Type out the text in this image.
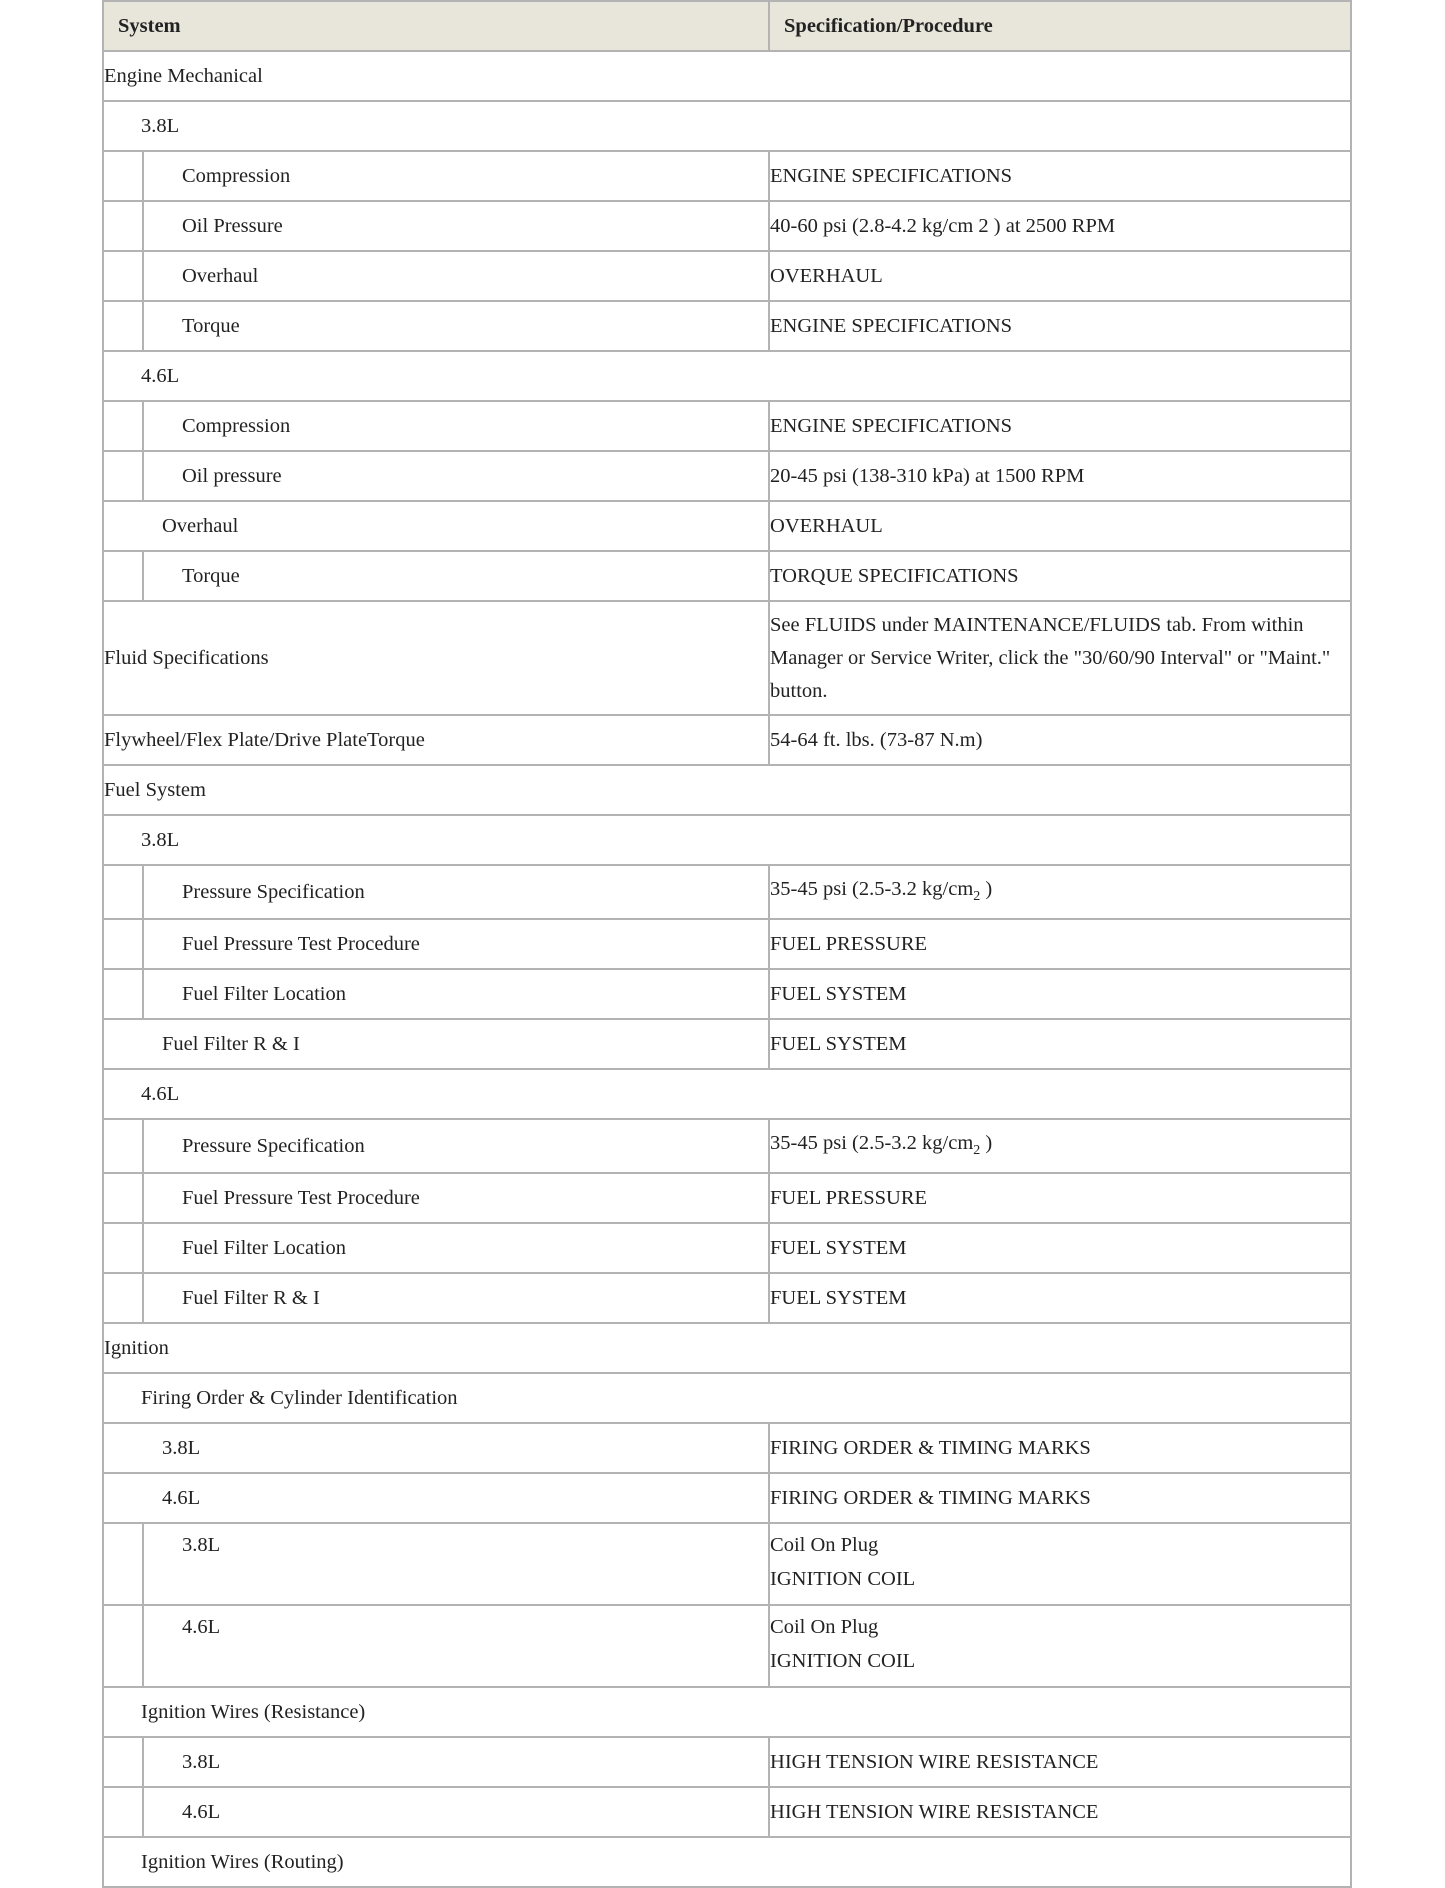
System		Specification/Procedure
Engine Mechanical		
3.8L		
	Compression	ENGINE SPECIFICATIONS
	Oil Pressure	40-60 psi (2.8-4.2 kg/cm 2 ) at 2500 RPM
	Overhaul	OVERHAUL
	Torque	ENGINE SPECIFICATIONS
4.6L		
	Compression	ENGINE SPECIFICATIONS
	Oil pressure	20-45 psi (138-310 kPa) at 1500 RPM
Overhaul		OVERHAUL
	Torque	TORQUE SPECIFICATIONS
Fluid Specifications		See FLUIDS under MAINTENANCE/FLUIDS tab. From within Manager or Service Writer, click the "30/60/90 Interval" or "Maint." button.
Flywheel/Flex Plate/Drive PlateTorque		54-64 ft. lbs. (73-87 N.m)
Fuel System		
3.8L		
	Pressure Specification	35-45 psi (2.5-3.2 $kg/cm_2$ )
	Fuel Pressure Test Procedure	FUEL PRESSURE
	Fuel Filter Location	FUEL SYSTEM
Fuel Filter R & I		FUEL SYSTEM
4.6L		
	Pressure Specification	35-45 psi (2.5-3.2 $kg/cm_2$ )
	Fuel Pressure Test Procedure	FUEL PRESSURE
	Fuel Filter Location	FUEL SYSTEM
	Fuel Filter R & I	FUEL SYSTEM
Ignition		
Firing Order & Cylinder Identification		
3.8L		FIRING ORDER & TIMING MARKS
4.6L		FIRING ORDER & TIMING MARKS
	3.8L	Coil On Plug
IGNITION COIL

	4.6L	Coil On Plug
IGNITION COIL

Ignition Wires (Resistance)		
	3.8L	HIGH TENSION WIRE RESISTANCE
	4.6L	HIGH TENSION WIRE RESISTANCE
Ignition Wires (Routing)		
